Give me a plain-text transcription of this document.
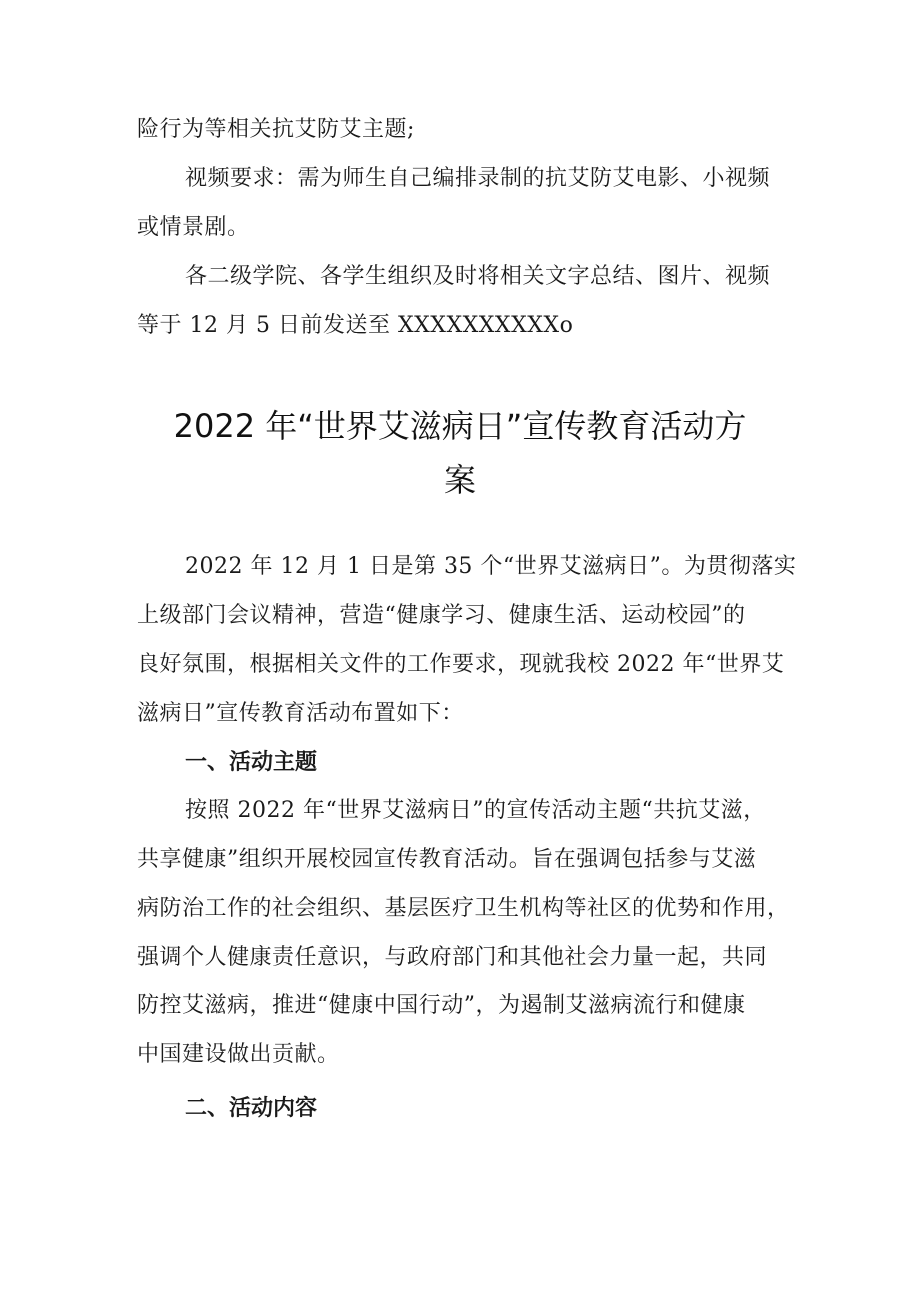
险行为等相关抗艾防艾主题;
视频要求：需为师生自己编排录制的抗艾防艾电影、小视频
或情景剧。
各二级学院、各学生组织及时将相关文字总结、图片、视频
等于 12 月 5 日前发送至 XXXXXXXXXXo
2022 年“世界艾滋病日”宣传教育活动方
案
2022 年 12 月 1 日是第 35 个“世界艾滋病日”。为贯彻落实
上级部门会议精神，营造“健康学习、健康生活、运动校园”的
良好氛围，根据相关文件的工作要求，现就我校 2022 年“世界艾
滋病日”宣传教育活动布置如下：
一、活动主题
按照 2022 年“世界艾滋病日”的宣传活动主题“共抗艾滋，
共享健康”组织开展校园宣传教育活动。旨在强调包括参与艾滋
病防治工作的社会组织、基层医疗卫生机构等社区的优势和作用，
强调个人健康责任意识，与政府部门和其他社会力量一起，共同
防控艾滋病，推进“健康中国行动”，为遏制艾滋病流行和健康
中国建设做出贡献。
二、活动内容
